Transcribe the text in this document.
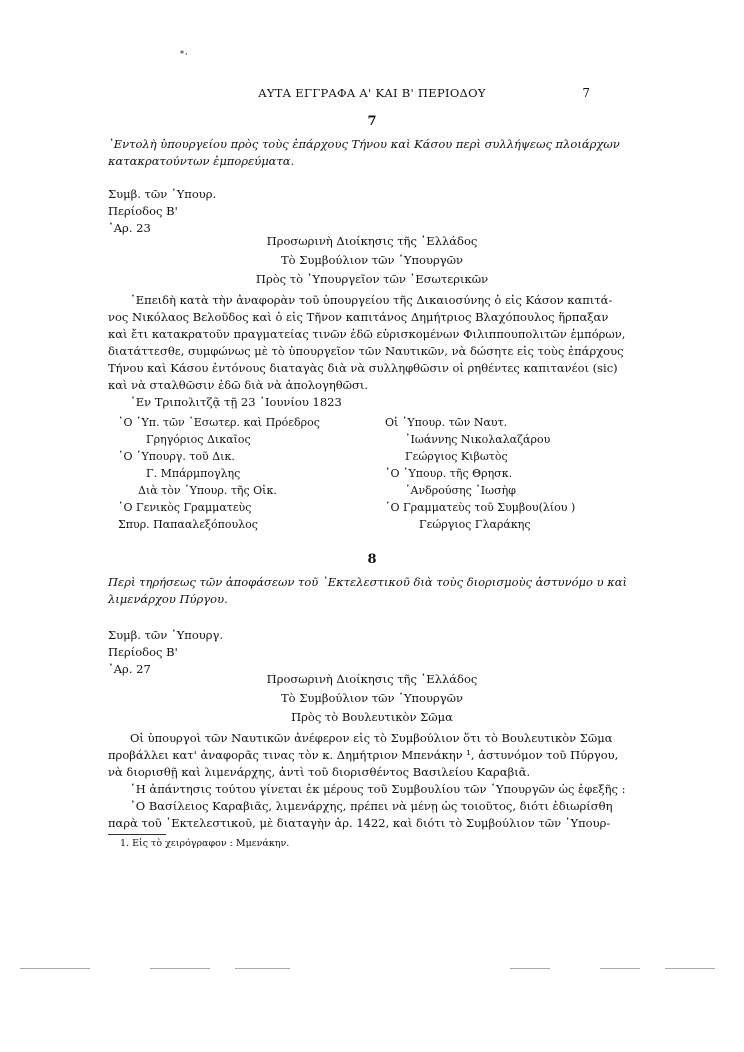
⁎‚
ΑΥΤΑ ΕΓΓΡΑΦΑ Α' ΚΑΙ Β' ΠΕΡΙΟΔΟΥ	7
7
᾿Εντολὴ ὑπουργείου πρὸς τοὺς ἐπάρχους Τήνου καὶ Κάσου περὶ συλλήψεως πλοιάρχων
κατακρατούντων ἐμπορεύματα.
Συμβ. τῶν ῾Υπουρ.
Περίοδος Β'
᾿Αρ. 23
Προσωρινὴ Διοίκησις τῆς ῾Ελλάδος
Τὸ Συμβούλιον τῶν ῾Υπουργῶν
Πρὸς τὸ ῾Υπουργεῖον τῶν ᾿Εσωτερικῶν
᾿Επειδὴ κατὰ τὴν ἀναφορὰν τοῦ ὑπουργείου τῆς Δικαιοσύνης ὁ εἰς Κάσον καπιτά-
νος Νικόλαος Βελοῦδος καὶ ὁ εἰς Τῆνον καπιτάνος Δημήτριος Βλαχόπουλος ἥρπαξαν
καὶ ἔτι κατακρατοῦν πραγματείας τινῶν ἐδῶ εὑρισκομένων Φιλιππουπολιτῶν ἐμπόρων,
διατάττεσθε, συμφώνως μὲ τὸ ὑπουργεῖον τῶν Ναυτικῶν, νὰ δώσητε εἰς τοὺς ἐπάρχους
Τήνου καὶ Κάσου ἐντόνους διαταγὰς διὰ νὰ συλληφθῶσιν οἱ ρηθέντες καπιτανέοι (sic)
καὶ νὰ σταλθῶσιν ἐδῶ διὰ νὰ ἀπολογηθῶσι.
᾿Εν Τριπολιτζᾷ τῇ 23 ᾿Ιουνίου 1823
῾Ο ῾Υπ. τῶν ᾿Εσωτερ. καὶ Πρόεδρος
Γρηγόριος Δικαῖος
῾Ο ῾Υπουργ. τοῦ Δικ.
Γ. Μπάρμπογλης
Διὰ τὸν ῾Υπουρ. τῆς Οἰκ.
῾Ο Γενικὸς Γραμματεὺς
Σπυρ. Παπααλεξόπουλος
Οἱ ῾Υπουρ. τῶν Ναυτ.
᾿Ιωάννης Νικολαλαζάρου
Γεώργιος Κιβωτὸς
῾Ο ῾Υπουρ. τῆς Θρησκ.
᾿Ανδρούσης ᾿Ιωσὴφ
῾Ο Γραμματεὺς τοῦ Συμβου(λίου )
Γεώργιος Γλαράκης
8
Περὶ τηρήσεως τῶν ἀποφάσεων τοῦ ᾿Εκτελεστικοῦ διὰ τοὺς διορισμοὺς ἀστυνόμο υ καὶ
λιμενάρχου Πύργου.
Συμβ. τῶν ῾Υπουργ.
Περίοδος Β'
᾿Αρ. 27
Προσωρινὴ Διοίκησις τῆς ῾Ελλάδος
Τὸ Συμβούλιον τῶν ῾Υπουργῶν
Πρὸς τὸ Βουλευτικὸν Σῶμα
Οἱ ὑπουργοὶ τῶν Ναυτικῶν ἀνέφερον εἰς τὸ Συμβούλιον ὅτι τὸ Βουλευτικὸν Σῶμα
προβάλλει κατ' ἀναφορᾶς τινας τὸν κ. Δημήτριον Μπενάκην ¹, ἀστυνόμον τοῦ Πύργου,
νὰ διορισθῇ καὶ λιμενάρχης, ἀντὶ τοῦ διορισθέντος Βασιλείου Καραβιᾶ.
῾Η ἀπάντησις τούτου γίνεται ἐκ μέρους τοῦ Συμβουλίου τῶν ῾Υπουργῶν ὡς ἐφεξῆς :
῾Ο Βασίλειος Καραβιᾶς, λιμενάρχης, πρέπει νὰ μένῃ ὡς τοιοῦτος, διότι ἐδιωρίσθη
παρὰ τοῦ ᾿Εκτελεστικοῦ, μὲ διαταγὴν ἀρ. 1422, καὶ διότι τὸ Συμβούλιον τῶν ῾Υπουρ-
1. Εἰς τὸ χειρόγραφον : Μμενάκην.
